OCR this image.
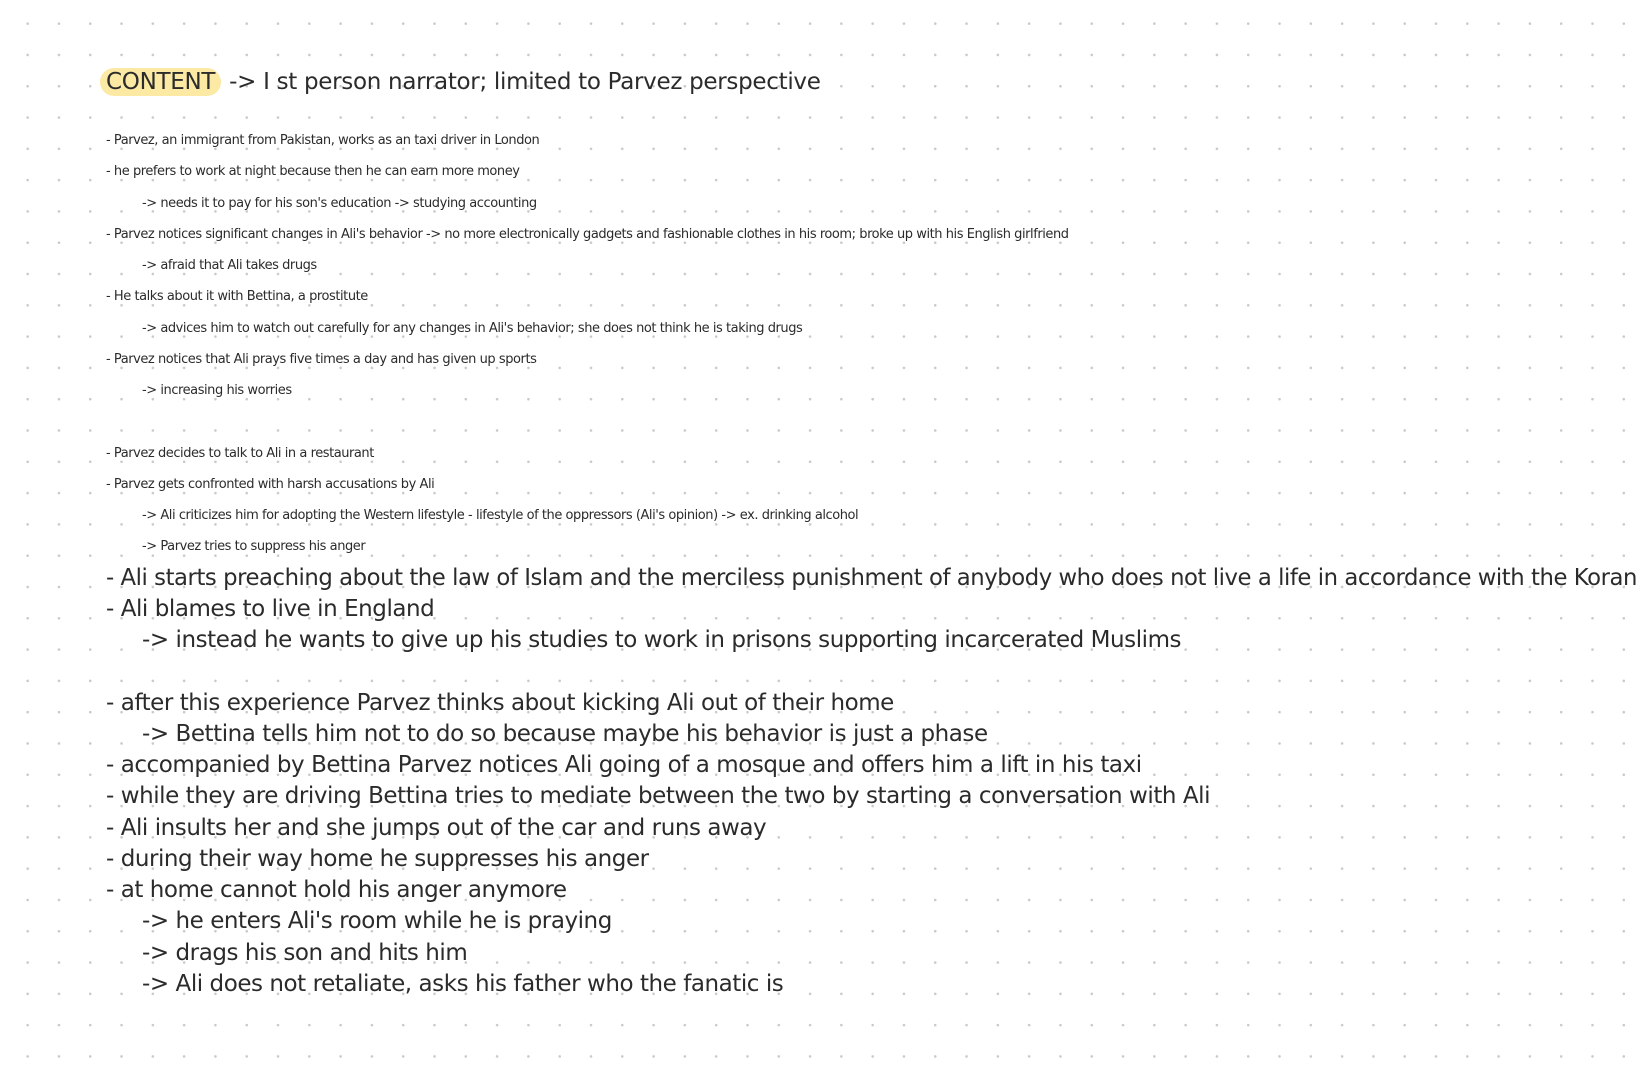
CONTENT -> I st person narrator; limited to Parvez perspective
- Parvez, an immigrant from Pakistan, works as an taxi driver in London
- he prefers to work at night because then he can earn more money
-> needs it to pay for his son's education -> studying accounting
- Parvez notices significant changes in Ali's behavior -> no more electronically gadgets and fashionable clothes in his room; broke up with his English girlfriend
-> afraid that Ali takes drugs
- He talks about it with Bettina, a prostitute
-> advices him to watch out carefully for any changes in Ali's behavior; she does not think he is taking drugs
- Parvez notices that Ali prays five times a day and has given up sports
-> increasing his worries
- Parvez decides to talk to Ali in a restaurant
- Parvez gets confronted with harsh accusations by Ali
-> Ali criticizes him for adopting the Western lifestyle - lifestyle of the oppressors (Ali's opinion) -> ex. drinking alcohol
-> Parvez tries to suppress his anger
- Ali starts preaching about the law of Islam and the merciless punishment of anybody who does not live a life in accordance with the Koran
- Ali blames to live in England
-> instead he wants to give up his studies to work in prisons supporting incarcerated Muslims
- after this experience Parvez thinks about kicking Ali out of their home
-> Bettina tells him not to do so because maybe his behavior is just a phase
- accompanied by Bettina Parvez notices Ali going of a mosque and offers him a lift in his taxi
- while they are driving Bettina tries to mediate between the two by starting a conversation with Ali
- Ali insults her and she jumps out of the car and runs away
- during their way home he suppresses his anger
- at home cannot hold his anger anymore
-> he enters Ali's room while he is praying
-> drags his son and hits him
-> Ali does not retaliate, asks his father who the fanatic is
